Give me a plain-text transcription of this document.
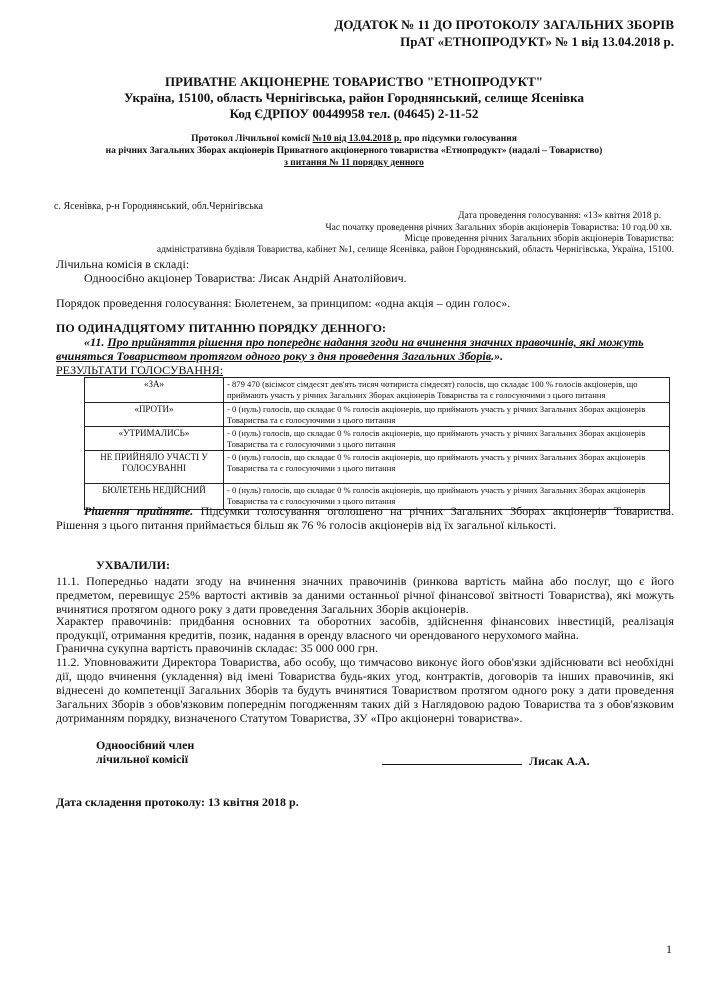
ДОДАТОК № 11 ДО ПРОТОКОЛУ ЗАГАЛЬНИХ ЗБОРІВ
ПрАТ «ЕТНОПРОДУКТ» № 1 від 13.04.2018 р.
ПРИВАТНЕ АКЦІОНЕРНЕ ТОВАРИСТВО "ЕТНОПРОДУКТ"
Україна, 15100, область Чернігівська, район Городнянський, селище Ясенівка
Код ЄДРПОУ 00449958 тел. (04645) 2-11-52
Протокол Лічильної комісії №10 від 13.04.2018 р. про підсумки голосування
на річних Загальних Зборах акціонерів Приватного акціонерного товариства «Етнопродукт» (надалі – Товариство)
з питання № 11 порядку денного
с. Ясенівка, р-н Городнянський, обл.Чернігівська
Дата проведення голосування: «13» квітня 2018 р.
Час початку проведення річних Загальних зборів акціонерів Товариства: 10 год.00 хв.
Місце проведення річних Загальних зборів акціонерів Товариства:
адміністративна будівля Товариства, кабінет №1, селище Ясенівка, район Городнянський, область Чернігівська, Україна, 15100.
Лічильна комісія в складі:
Одноосібно акціонер Товариства: Лисак Андрій Анатолійович.
Порядок проведення голосування: Бюлетенем, за принципом: «одна акція – один голос».
ПО ОДИНАДЦЯТОМУ ПИТАННЮ ПОРЯДКУ ДЕННОГО:
«11. Про прийняття рішення про попереднє надання згоди на вчинення значних правочинів, які можуть
вчиняться Товариством протягом одного року з дня проведення Загальних Зборів.».
РЕЗУЛЬТАТИ ГОЛОСУВАННЯ:
«ЗА»	- 879 470 (вісімсот сімдесят дев'ять тисяч чотириста сімдесят) голосів, що складає 100 % голосів акціонерів, що приймають участь у річних Загальних Зборах акціонерів Товариства та є голосуючими з цього питання
«ПРОТИ»	- 0 (нуль) голосів, що складає 0 % голосів акціонерів, що приймають участь у річних Загальних Зборах акціонерів Товариства та є голосуючими з цього питання
«УТРИМАЛИСЬ»	- 0 (нуль) голосів, що складає 0 % голосів акціонерів, що приймають участь у річних Загальних Зборах акціонерів Товариства та є голосуючими з цього питання
НЕ ПРИЙНЯЛО УЧАСТІ У ГОЛОСУВАННІ	- 0 (нуль) голосів, що складає 0 % голосів акціонерів, що приймають участь у річних Загальних Зборах акціонерів Товариства та є голосуючими з цього питання
БЮЛЕТЕНЬ НЕДІЙСНИЙ	- 0 (нуль) голосів, що складає 0 % голосів акціонерів, що приймають участь у річних Загальних Зборах акціонерів Товариства та є голосуючими з цього питання
Рішення прийняте. Підсумки голосування оголошено на річних Загальних Зборах акціонерів Товариства. Рішення з цього питання приймається більш як 76 % голосів акціонерів від їх загальної кількості.
УХВАЛИЛИ:
11.1. Попередньо надати згоду на вчинення значних правочинів (ринкова вартість майна або послуг, що є його предметом, перевищує 25% вартості активів за даними останньої річної фінансової звітності Товариства), які можуть вчинятися протягом одного року з дати проведення Загальних Зборів акціонерів.
Характер правочинів: придбання основних та оборотних засобів, здійснення фінансових інвестицій, реалізація продукції, отримання кредитів, позик, надання в оренду власного чи орендованого нерухомого майна.
Гранична сукупна вартість правочинів складає: 35 000 000 грн.
11.2. Уповноважити Директора Товариства, або особу, що тимчасово виконує його обов'язки здійснювати всі необхідні дії, щодо вчинення (укладення) від імені Товариства будь-яких угод, контрактів, договорів та інших правочинів, які віднесені до компетенції Загальних Зборів та будуть вчинятися Товариством протягом одного року з дати проведення Загальних Зборів з обов'язковим попереднім погодженням таких дій з Наглядовою радою Товариства та з обов'язковим дотриманням порядку, визначеного Статутом Товариства, ЗУ «Про акціонерні товариства».
Одноосібний член
лічильної комісії	Лисак А.А.
Дата складення протоколу: 13 квітня 2018 р.
1
